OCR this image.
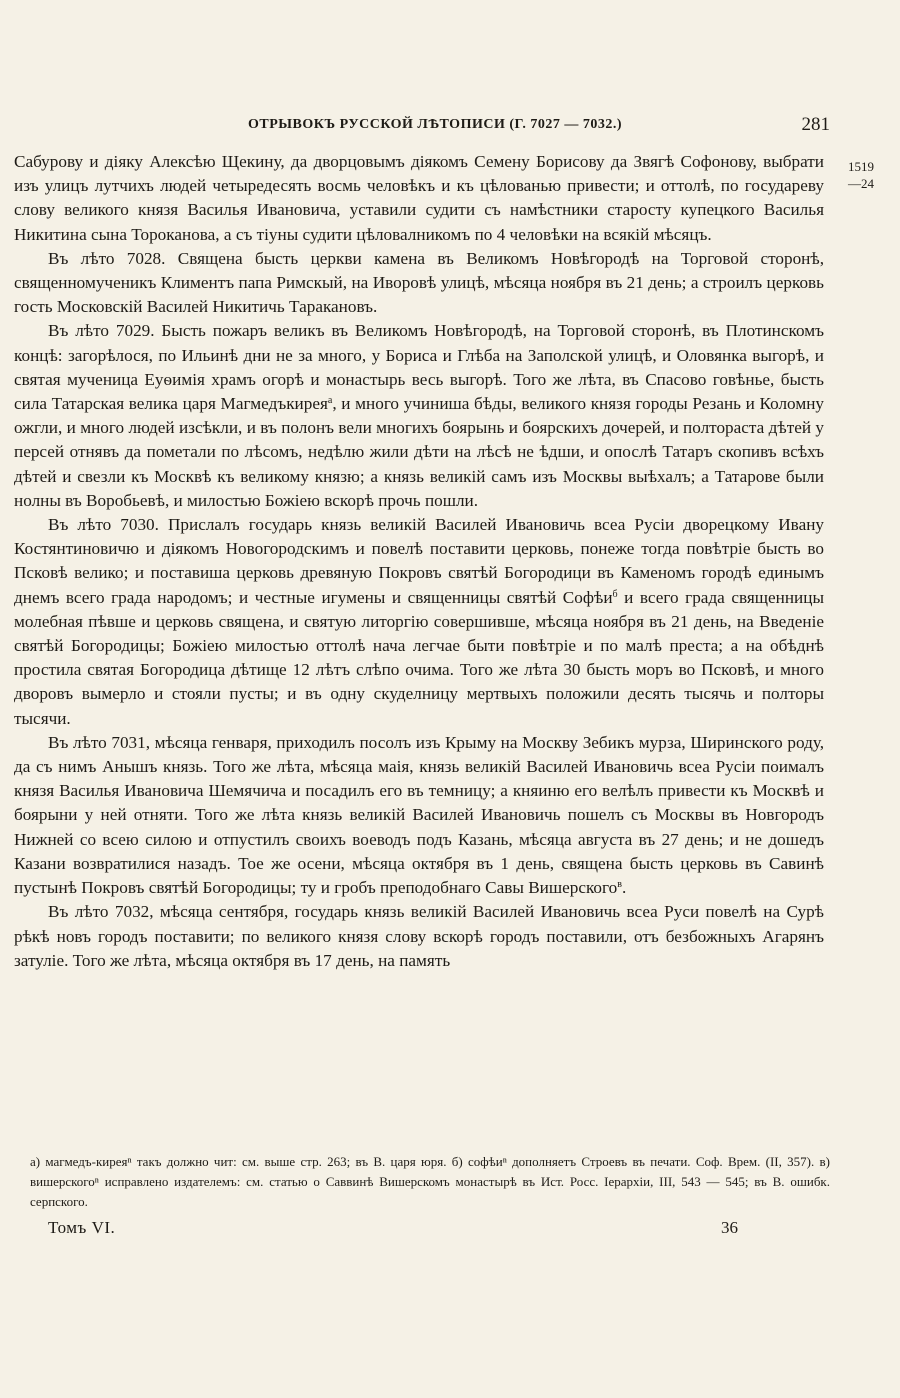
ОТРЫВОКЪ РУССКОЙ ЛѢТОПИСИ (Г. 7027 — 7032.)	281
1519
—24

Сабурову и діяку Алексѣю Щекину, да дворцовымъ діякомъ Семену Борисову да Звягѣ Софонову, выбрати изъ улицъ лутчихъ людей четыредесять восмь человѣкъ и къ цѣлованью привести; и оттолѣ, по государеву слову великого князя Василья Ивановича, уставили судити съ намѣстники старосту купецкого Василья Никитина сына Тороканова, а съ тіуны судити цѣловалникомъ по 4 человѣки на всякій мѣсяцъ.

Въ лѣто 7028. Священа бысть церкви камена въ Великомъ Новѣгородѣ на Торговой сторонѣ, священномученикъ Климентъ папа Римскый, на Иворовѣ улицѣ, мѣсяца ноября въ 21 день; а строилъ церковь гость Московскій Василей Никитичь Таракановъ.

Въ лѣто 7029. Бысть пожаръ великъ въ Великомъ Новѣгородѣ, на Торговой сторонѣ, въ Плотинскомъ концѣ: загорѣлося, по Ильинѣ дни не за много, у Бориса и Глѣба на Заполской улицѣ, и Оловянка выгорѣ, и святая мученица Еуѳимія храмъ огорѣ и монастырь весь выгорѣ. Того же лѣта, въ Спасово говѣнье, бысть сила Татарская велика царя Магмедъкирея$^а$, и много учиниша бѣды, великого князя городы Резань и Коломну ожгли, и много людей изсѣкли, и въ полонъ вели многихъ боярынь и боярскихъ дочерей, и полтораста дѣтей у персей отнявъ да пометали по лѣсомъ, недѣлю жили дѣти на лѣсѣ не ѣдши, и опослѣ Татаръ скопивъ всѣхъ дѣтей и свезли къ Москвѣ къ великому князю; а князь великій самъ изъ Москвы выѣхалъ; а Татарове были нолны въ Воробьевѣ, и милостью Божіею вскорѣ прочь пошли.

Въ лѣто 7030. Прислалъ государь князь великій Василей Ивановичь всеа Русіи дворецкому Ивану Костянтиновичю и діякомъ Новогородскимъ и повелѣ поставити церковь, понеже тогда повѣтріе бысть во Псковѣ велико; и поставиша церковь древяную Покровъ святѣй Богородици въ Каменомъ городѣ единымъ днемъ всего града народомъ; и честные игумены и священницы святѣй Софѣи$^б$ и всего града священницы молебная пѣвше и церковь священа, и святую литоргію совершивше, мѣсяца ноября въ 21 день, на Введеніе святѣй Богородицы; Божіею милостью оттолѣ нача легчае быти повѣтріе и по малѣ преста; а на обѣднѣ простила святая Богородица дѣтище 12 лѣтъ слѣпо очима. Того же лѣта 30 бысть моръ во Псковѣ, и много дворовъ вымерло и стояли пусты; и въ одну скуделницу мертвыхъ положили десять тысячь и полторы тысячи.

Въ лѣто 7031, мѣсяца генваря, приходилъ посолъ изъ Крыму на Москву Зебикъ мурза, Ширинского роду, да съ нимъ Анышъ князь. Того же лѣта, мѣсяца маія, князь великій Василей Ивановичь всеа Русіи поималъ князя Василья Ивановича Шемячича и посадилъ его въ темницу; а княиню его велѣлъ привести къ Москвѣ и боярыни у ней отняти. Того же лѣта князь великій Василей Ивановичь пошелъ съ Москвы въ Новгородъ Нижней со всею силою и отпустилъ своихъ воеводъ подъ Казань, мѣсяца августа въ 27 день; и не дошедъ Казани возвратилися назадъ. Тое же осени, мѣсяца октября въ 1 день, священа бысть церковь въ Савинѣ пустынѣ Покровъ святѣй Богородицы; ту и гробъ преподобнаго Савы Вишерского$^в$.

Въ лѣто 7032, мѣсяца сентября, государь князь великій Василей Ивановичь всеа Руси повелѣ на Сурѣ рѣкѣ новъ городъ поставити; по великого князя слову вскорѣ городъ поставили, отъ безбожныхъ Агарянъ затуліе. Того же лѣта, мѣсяца октября въ 17 день, на память

а) магмедъ-киреяⁿ такъ должно чит: см. выше стр. 263; въ В. царя юря. б) софѣиⁿ дополняетъ Строевъ въ печати. Соф. Врем. (II, 357). в) вишерскогоⁿ исправлено издателемъ: см. статью о Саввинѣ Вишерскомъ монастырѣ въ Ист. Росс. Іерархіи, III, 543 — 545; въ В. ошибк. серпского.

Томъ VI.	36
